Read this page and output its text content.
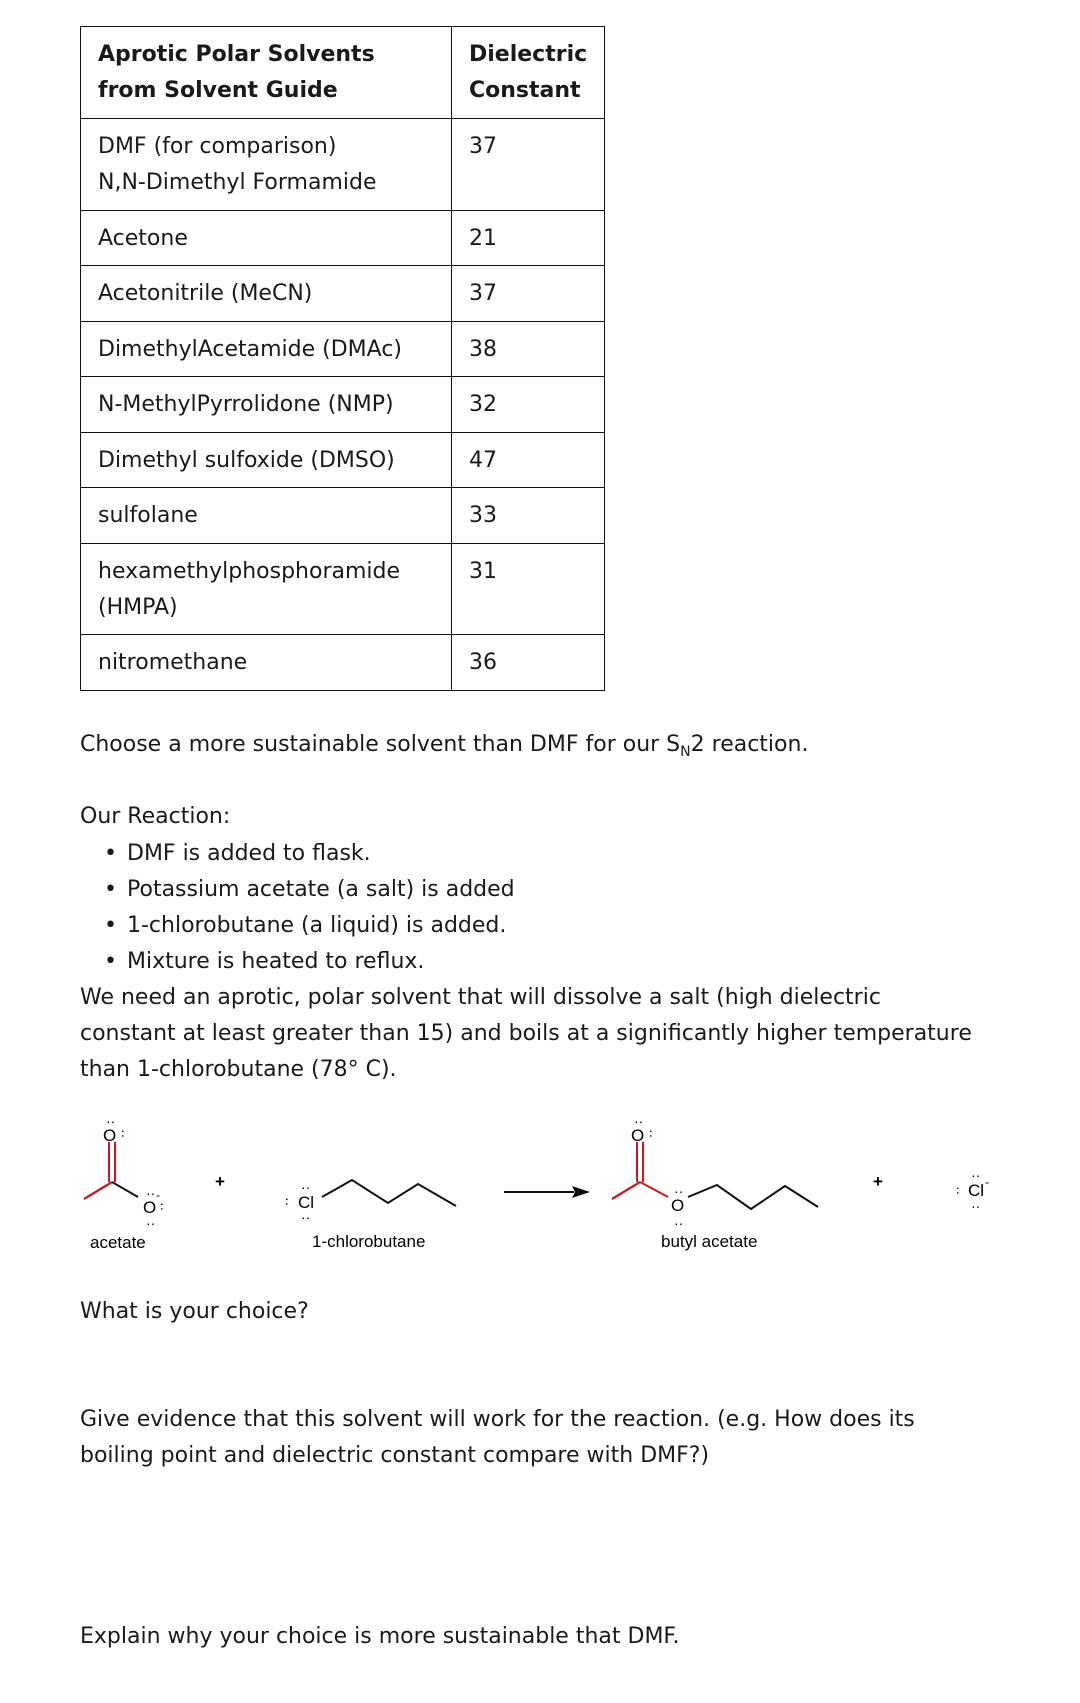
Aprotic Polar Solvents from Solvent Guide	Dielectric Constant
DMF (for comparison)
N,N-Dimethyl Formamide	37
Acetone	21
Acetonitrile (MeCN)	37
DimethylAcetamide (DMAc)	38
N-MethylPyrrolidone (NMP)	32
Dimethyl sulfoxide (DMSO)	47
sulfolane	33
hexamethylphosphoramide
(HMPA)	31
nitromethane	36

Choose a more sustainable solvent than DMF for our $S_N2$ reaction.

Our Reaction:

• DMF is added to flask.
• Potassium acetate (a salt) is added
• 1-chlorobutane (a liquid) is added.
• Mixture is heated to reflux.

We need an aprotic, polar solvent that will dissolve a salt (high dielectric constant at least greater than 15) and boils at a significantly higher temperature than 1-chlorobutane (78° C).

O
··
··
O
··
··
··
-
acetate
+
·· Cl
··
··
1-chlorobutane
O
··
··
O
··
··
butyl acetate
+	·· Cl
··
··
-

What is your choice?

Give evidence that this solvent will work for the reaction. (e.g. How does its boiling point and dielectric constant compare with DMF?)

Explain why your choice is more sustainable that DMF.
